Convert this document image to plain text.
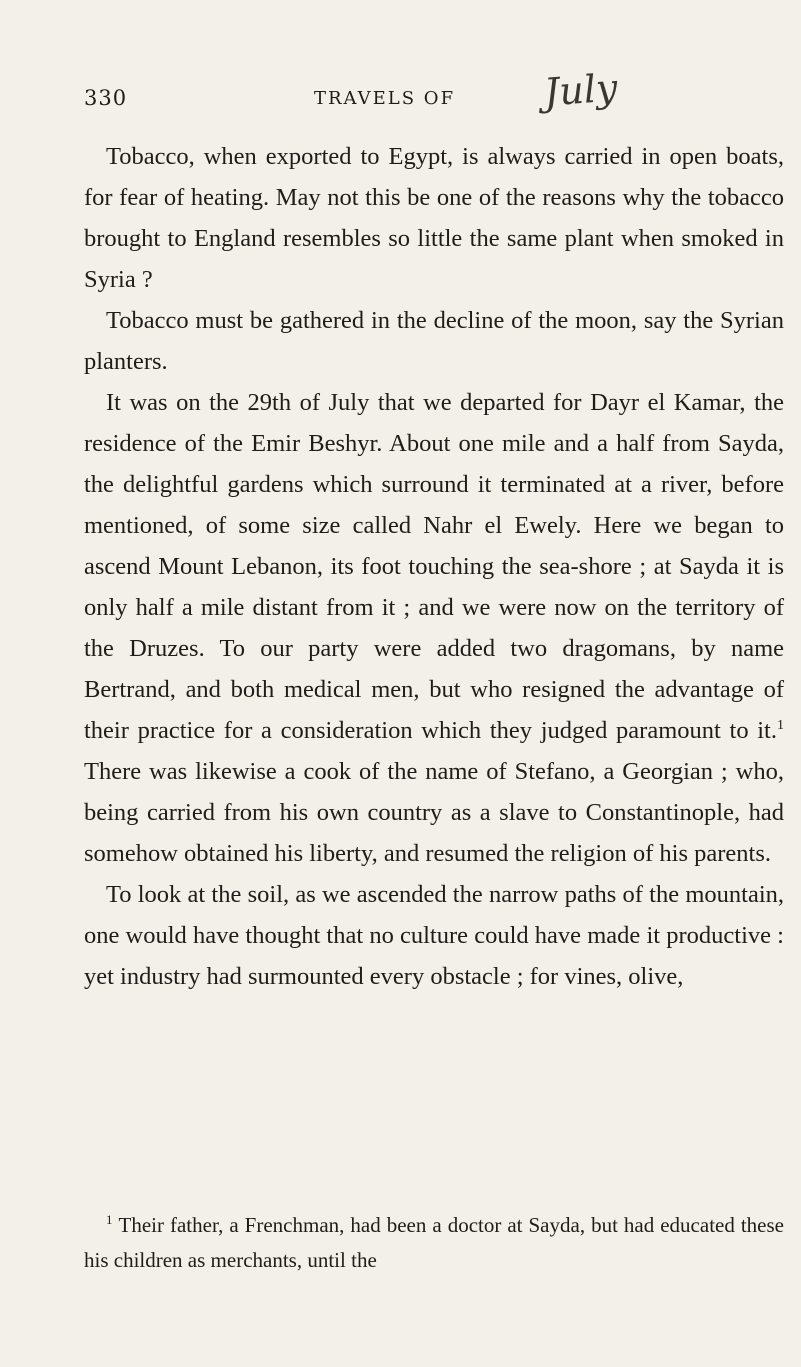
330	TRAVELS OF July

Tobacco, when exported to Egypt, is always carried in open boats, for fear of heating. May not this be one of the reasons why the tobacco brought to England resembles so little the same plant when smoked in Syria ?

Tobacco must be gathered in the decline of the moon, say the Syrian planters.

It was on the 29th of July that we departed for Dayr el Kamar, the residence of the Emir Beshyr. About one mile and a half from Sayda, the delightful gardens which surround it terminated at a river, before mentioned, of some size called Nahr el Ewely. Here we began to ascend Mount Lebanon, its foot touching the sea-shore ; at Sayda it is only half a mile distant from it ; and we were now on the territory of the Druzes. To our party were added two dragomans, by name Bertrand, and both medical men, but who resigned the advantage of their practice for a consideration which they judged paramount to it.$^1$ There was likewise a cook of the name of Stefano, a Georgian ; who, being carried from his own country as a slave to Constantinople, had somehow obtained his liberty, and resumed the religion of his parents.

To look at the soil, as we ascended the narrow paths of the mountain, one would have thought that no culture could have made it productive : yet industry had surmounted every obstacle ; for vines, olive,

$^1$ Their father, a Frenchman, had been a doctor at Sayda, but had educated these his children as merchants, until the
